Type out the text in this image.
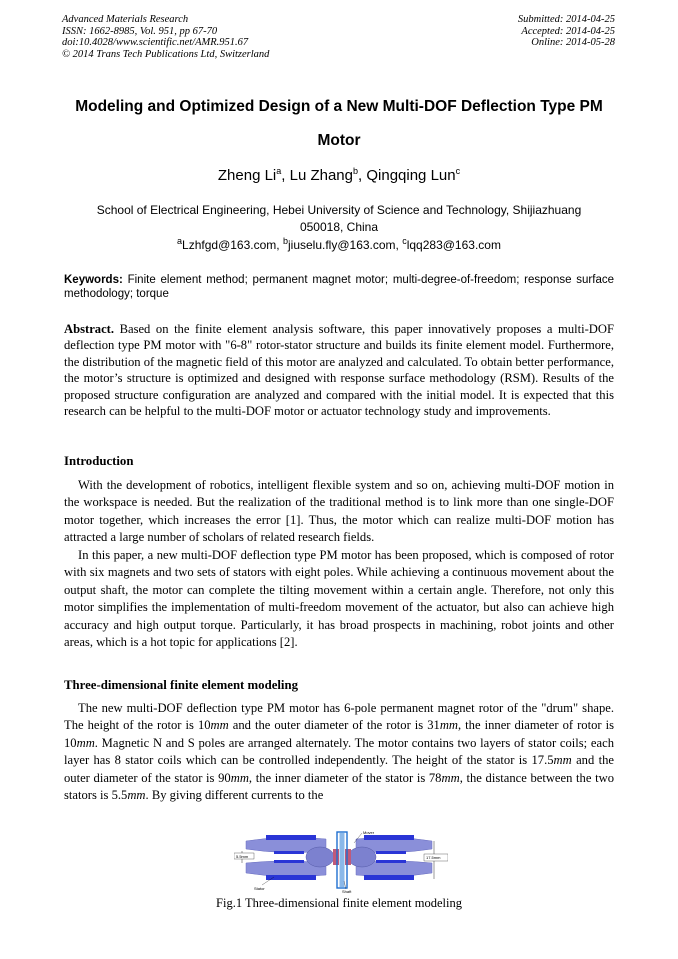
Advanced Materials Research
ISSN: 1662-8985, Vol. 951, pp 67-70
doi:10.4028/www.scientific.net/AMR.951.67
© 2014 Trans Tech Publications Ltd, Switzerland
Submitted: 2014-04-25
Accepted: 2014-04-25
Online: 2014-05-28
Modeling and Optimized Design of a New Multi-DOF Deflection Type PM
Motor
Zheng Li$^a$, Lu Zhang$^b$, Qingqing Lun$^c$
School of Electrical Engineering, Hebei University of Science and Technology, Shijiazhuang
050018, China
$^a$Lzhfgd@163.com, $^b$jiuselu.fly@163.com, $^c$lqq283@163.com
Keywords: Finite element method; permanent magnet motor; multi-degree-of-freedom; response surface methodology; torque
Abstract. Based on the finite element analysis software, this paper innovatively proposes a multi-DOF deflection type PM motor with "6-8" rotor-stator structure and builds its finite element model. Furthermore, the distribution of the magnetic field of this motor are analyzed and calculated. To obtain better performance, the motor’s structure is optimized and designed with response surface methodology (RSM). Results of the proposed structure configuration are analyzed and compared with the initial model. It is expected that this research can be helpful to the multi-DOF motor or actuator technology study and improvements.
Introduction
With the development of robotics, intelligent flexible system and so on, achieving multi-DOF motion in the workspace is needed. But the realization of the traditional method is to link more than one single-DOF motor together, which increases the error [1]. Thus, the motor which can realize multi-DOF motion has attracted a large number of scholars of related research fields.
In this paper, a new multi-DOF deflection type PM motor has been proposed, which is composed of rotor with six magnets and two sets of stators with eight poles. While achieving a continuous movement about the output shaft, the motor can complete the tilting movement within a certain angle. Therefore, not only this motor simplifies the implementation of multi-freedom movement of the actuator, but also can achieve high accuracy and high output torque. Particularly, it has broad prospects in machining, robot joints and other areas, which is a hot topic for applications [2].
Three-dimensional finite element modeling
The new multi-DOF deflection type PM motor has 6-pole permanent magnet rotor of the "drum" shape. The height of the rotor is 10mm and the outer diameter of the rotor is 31mm, the inner diameter of rotor is 10mm. Magnetic N and S poles are arranged alternately. The motor contains two layers of stator coils; each layer has 8 stator coils which can be controlled independently. The height of the stator is 17.5mm and the outer diameter of the stator is 90mm, the inner diameter of the stator is 78mm, the distance between the two stators is 5.5mm. By giving different currents to the
Mover
5.5mm	17.5mm
Stator
Shaft
Fig.1 Three-dimensional finite element modeling
